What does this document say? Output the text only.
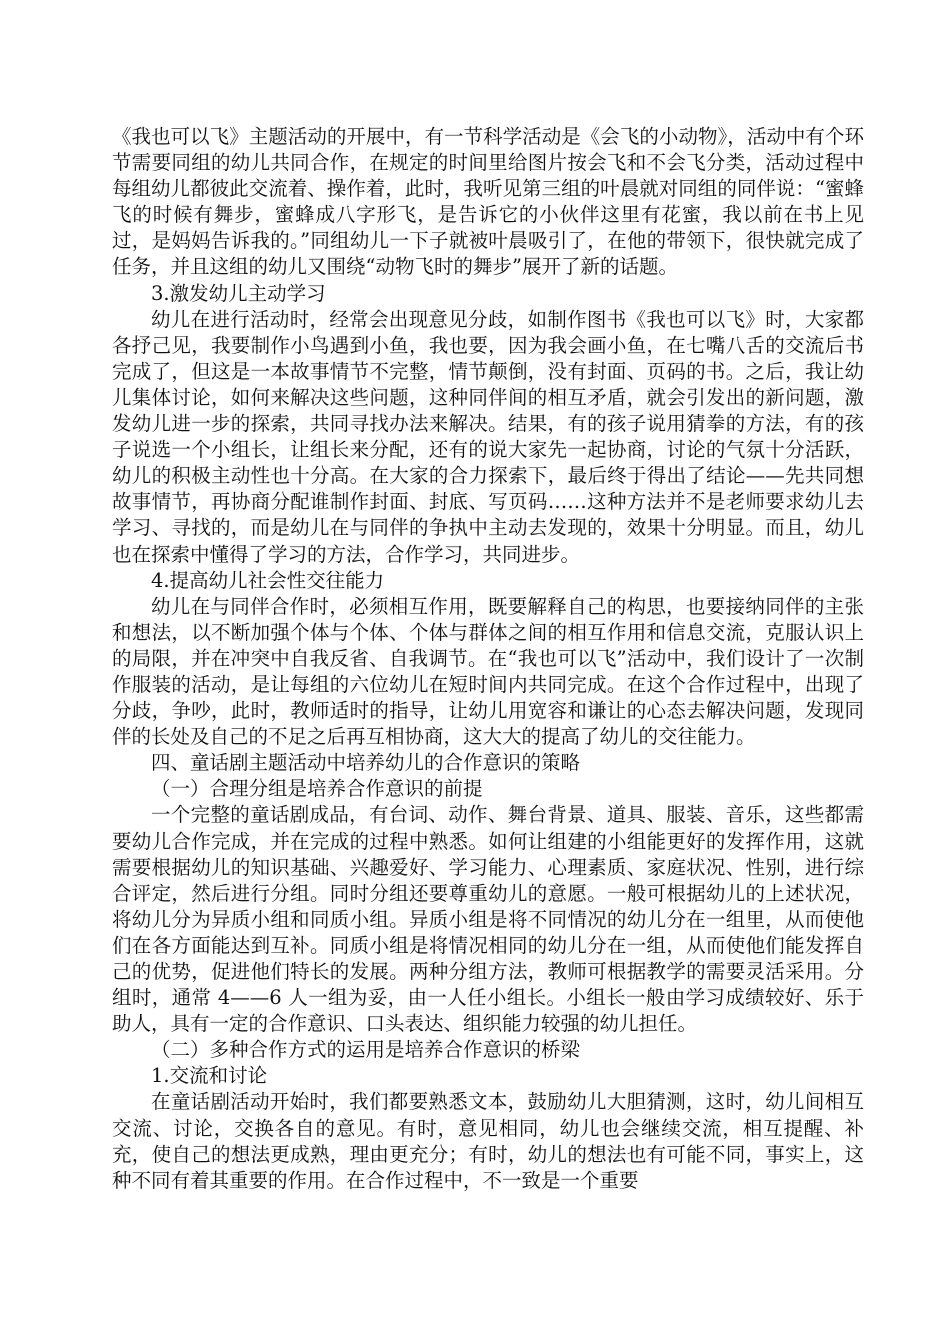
《我也可以飞》主题活动的开展中，有一节科学活动是《会飞的小动物》，活动中有个环节需要同组的幼儿共同合作，在规定的时间里给图片按会飞和不会飞分类，活动过程中每组幼儿都彼此交流着、操作着，此时，我听见第三组的叶晨就对同组的同伴说：“蜜蜂飞的时候有舞步，蜜蜂成八字形飞，是告诉它的小伙伴这里有花蜜，我以前在书上见过，是妈妈告诉我的。”同组幼儿一下子就被叶晨吸引了，在他的带领下，很快就完成了任务，并且这组的幼儿又围绕“动物飞时的舞步”展开了新的话题。

3.激发幼儿主动学习

幼儿在进行活动时，经常会出现意见分歧，如制作图书《我也可以飞》时，大家都各抒己见，我要制作小鸟遇到小鱼，我也要，因为我会画小鱼，在七嘴八舌的交流后书完成了，但这是一本故事情节不完整，情节颠倒，没有封面、页码的书。之后，我让幼儿集体讨论，如何来解决这些问题，这种同伴间的相互矛盾，就会引发出的新问题，激发幼儿进一步的探索，共同寻找办法来解决。结果，有的孩子说用猜拳的方法，有的孩子说选一个小组长，让组长来分配，还有的说大家先一起协商，讨论的气氛十分活跃，幼儿的积极主动性也十分高。在大家的合力探索下，最后终于得出了结论——先共同想故事情节，再协商分配谁制作封面、封底、写页码……这种方法并不是老师要求幼儿去学习、寻找的，而是幼儿在与同伴的争执中主动去发现的，效果十分明显。而且，幼儿也在探索中懂得了学习的方法，合作学习，共同进步。

4.提高幼儿社会性交往能力

幼儿在与同伴合作时，必须相互作用，既要解释自己的构思，也要接纳同伴的主张和想法，以不断加强个体与个体、个体与群体之间的相互作用和信息交流，克服认识上的局限，并在冲突中自我反省、自我调节。在“我也可以飞”活动中，我们设计了一次制作服装的活动，是让每组的六位幼儿在短时间内共同完成。在这个合作过程中，出现了分歧，争吵，此时，教师适时的指导，让幼儿用宽容和谦让的心态去解决问题，发现同伴的长处及自己的不足之后再互相协商，这大大的提高了幼儿的交往能力。

四、童话剧主题活动中培养幼儿的合作意识的策略

（一）合理分组是培养合作意识的前提

一个完整的童话剧成品，有台词、动作、舞台背景、道具、服装、音乐，这些都需要幼儿合作完成，并在完成的过程中熟悉。如何让组建的小组能更好的发挥作用，这就需要根据幼儿的知识基础、兴趣爱好、学习能力、心理素质、家庭状况、性别，进行综合评定，然后进行分组。同时分组还要尊重幼儿的意愿。一般可根据幼儿的上述状况，将幼儿分为异质小组和同质小组。异质小组是将不同情况的幼儿分在一组里，从而使他们在各方面能达到互补。同质小组是将情况相同的幼儿分在一组，从而使他们能发挥自己的优势，促进他们特长的发展。两种分组方法，教师可根据教学的需要灵活采用。分组时，通常 4——6 人一组为妥，由一人任小组长。小组长一般由学习成绩较好、乐于助人，具有一定的合作意识、口头表达、组织能力较强的幼儿担任。

（二）多种合作方式的运用是培养合作意识的桥梁

1.交流和讨论

在童话剧活动开始时，我们都要熟悉文本，鼓励幼儿大胆猜测，这时，幼儿间相互交流、讨论，交换各自的意见。有时，意见相同，幼儿也会继续交流，相互提醒、补充，使自己的想法更成熟，理由更充分；有时，幼儿的想法也有可能不同，事实上，这种不同有着其重要的作用。在合作过程中，不一致是一个重要
